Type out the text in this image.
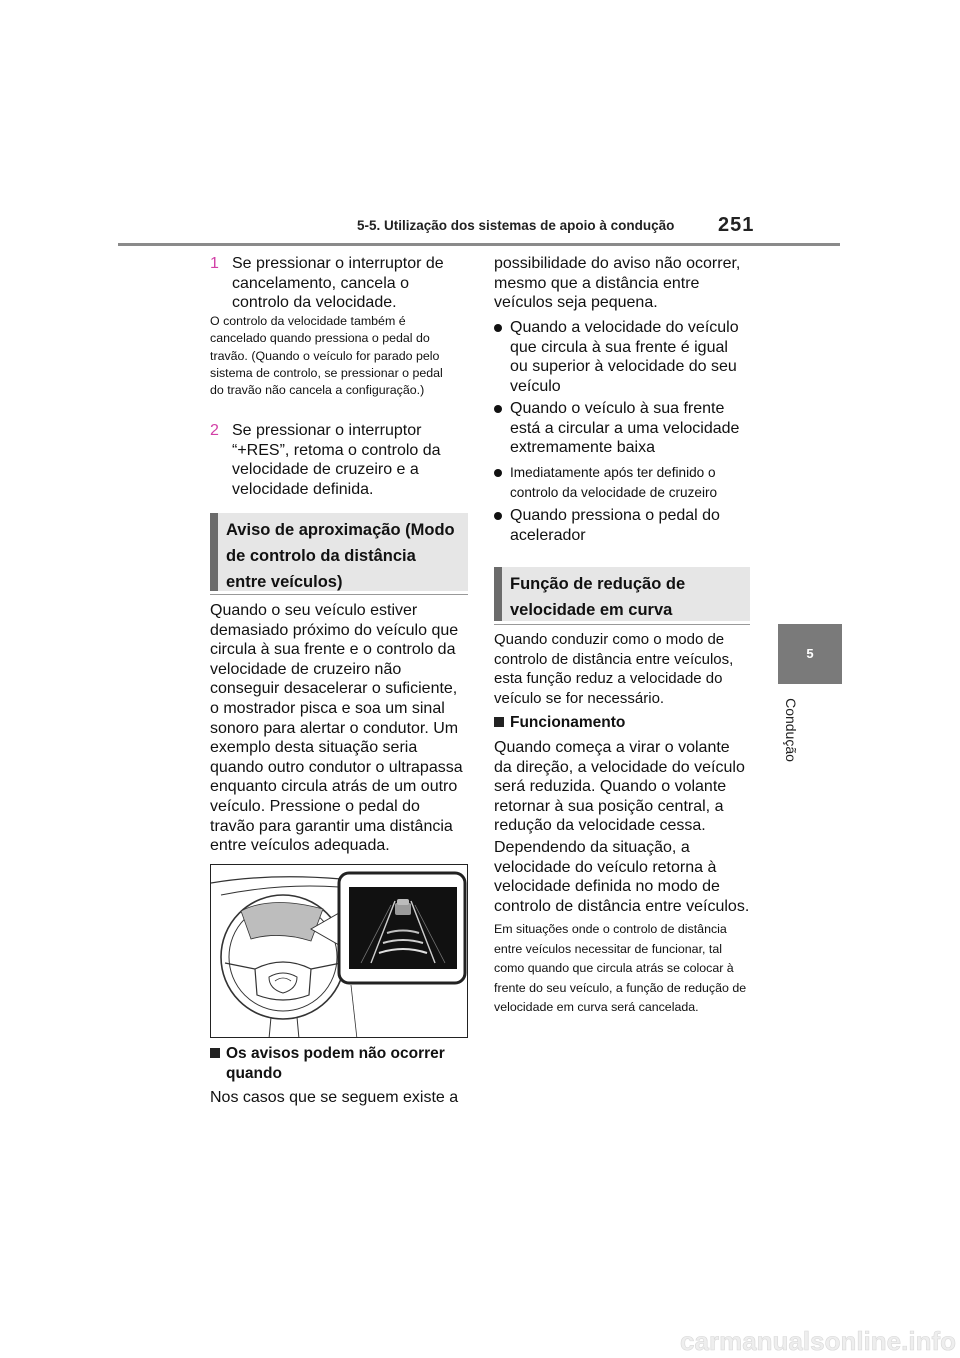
5-5. Utilização dos sistemas de apoio à condução 251
5
Condução
1 Se pressionar o interruptor de cancelamento, cancela o controlo da velocidade.
O controlo da velocidade também é cancelado quando pressiona o pedal do travão. (Quando o veículo for parado pelo sistema de controlo, se pressionar o pedal do travão não cancela a configuração.)
2 Se pressionar o interruptor “+RES”, retoma o controlo da velocidade de cruzeiro e a velocidade definida.
Aviso de aproximação (Modo de controlo da distância entre veículos)
Quando o seu veículo estiver demasiado próximo do veículo que circula à sua frente e o controlo da velocidade de cruzeiro não conseguir desacelerar o suficiente, o mostrador pisca e soa um sinal sonoro para alertar o condutor. Um exemplo desta situação seria quando outro condutor o ultrapassa enquanto circula atrás de um outro veículo. Pressione o pedal do travão para garantir uma distância entre veículos adequada.
Os avisos podem não ocorrer quando
Nos casos que se seguem existe a
possibilidade do aviso não ocorrer, mesmo que a distância entre veículos seja pequena.
Quando a velocidade do veículo que circula à sua frente é igual ou superior à velocidade do seu veículo
Quando o veículo à sua frente está a circular a uma velocidade extremamente baixa
Imediatamente após ter definido o controlo da velocidade de cruzeiro
Quando pressiona o pedal do acelerador
Função de redução de velocidade em curva
Quando conduzir como o modo de controlo de distância entre veículos, esta função reduz a velocidade do veículo se for necessário.
Funcionamento
Quando começa a virar o volante da direção, a velocidade do veículo será reduzida. Quando o volante retornar à sua posição central, a redução da velocidade cessa.
Dependendo da situação, a velocidade do veículo retorna à velocidade definida no modo de controlo de distância entre veículos.
Em situações onde o controlo de distância entre veículos necessitar de funcionar, tal como quando que circula atrás se colocar à frente do seu veículo, a função de redução de velocidade em curva será cancelada.
carmanualsonline.info
